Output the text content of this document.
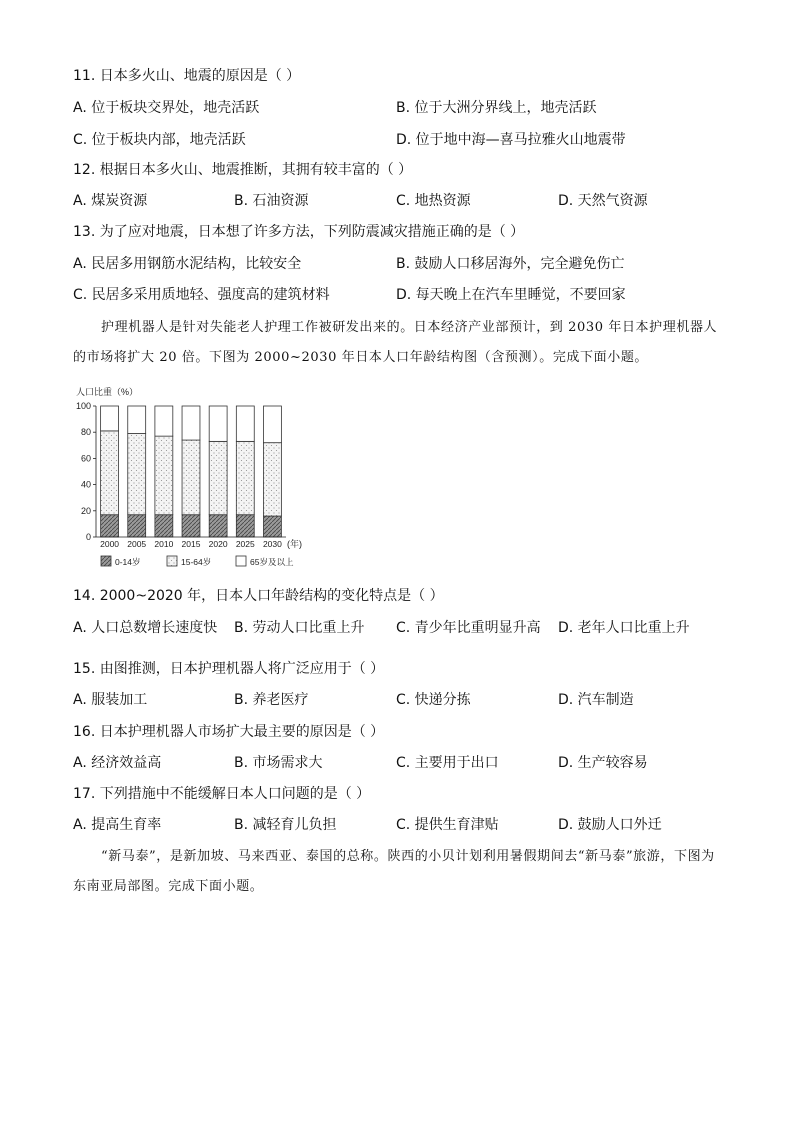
11. 日本多火山、地震的原因是（ ）
A. 位于板块交界处，地壳活跃	B. 位于大洲分界线上，地壳活跃
C. 位于板块内部，地壳活跃	D. 位于地中海—喜马拉雅火山地震带
12. 根据日本多火山、地震推断，其拥有较丰富的（ ）
A. 煤炭资源	B. 石油资源	C. 地热资源	D. 天然气资源
13. 为了应对地震，日本想了许多方法，下列防震减灾措施正确的是（ ）
A. 民居多用钢筋水泥结构，比较安全	B. 鼓励人口移居海外，完全避免伤亡
C. 民居多采用质地轻、强度高的建筑材料	D. 每天晚上在汽车里睡觉，不要回家
护理机器人是针对失能老人护理工作被研发出来的。日本经济产业部预计，到 2030 年日本护理机器人的市场将扩大 20 倍。下图为 2000~2030 年日本人口年龄结构图（含预测）。完成下面小题。
人口比重（%）
0
20
40
60
80
100
2000 2005 2010 2015 2020 2025 2030 (年)
0-14岁	15-64岁	65岁及以上
14. 2000~2020 年，日本人口年龄结构的变化特点是（ ）
A. 人口总数增长速度快 B. 劳动人口比重上升 C. 青少年比重明显升高 D. 老年人口比重上升
15. 由图推测，日本护理机器人将广泛应用于（ ）
A. 服装加工	B. 养老医疗	C. 快递分拣	D. 汽车制造
16. 日本护理机器人市场扩大最主要的原因是（ ）
A. 经济效益高	B. 市场需求大	C. 主要用于出口	D. 生产较容易
17. 下列措施中不能缓解日本人口问题的是（ ）
A. 提高生育率	B. 减轻育儿负担	C. 提供生育津贴	D. 鼓励人口外迁
“新马泰”，是新加坡、马来西亚、泰国的总称。陕西的小贝计划利用暑假期间去“新马泰”旅游，下图为东南亚局部图。完成下面小题。
